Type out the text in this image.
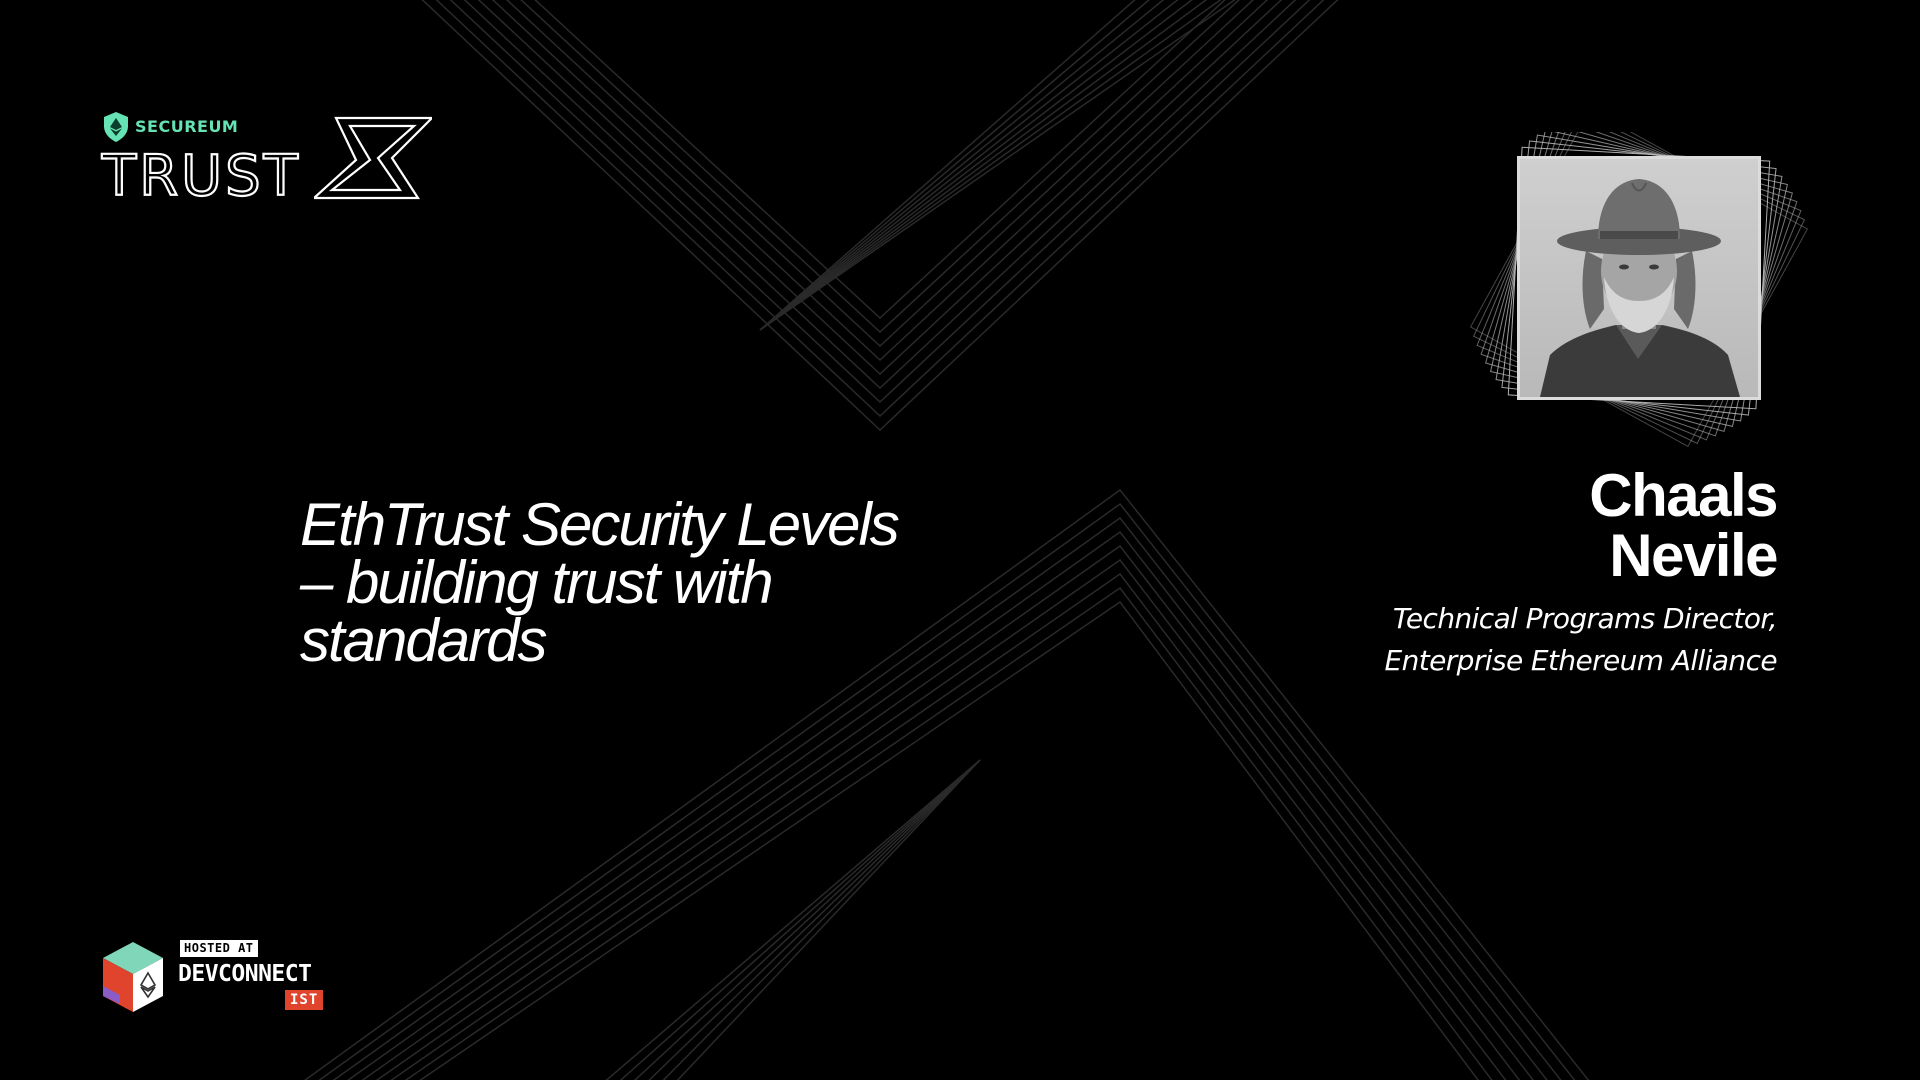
SECUREUM
TRUST	X
EthTrust Security Levels
– building trust with
standards
Chaals
Nevile
Technical Programs Director,
Enterprise Ethereum Alliance
HOSTED AT
DEVCONNECT
IST
